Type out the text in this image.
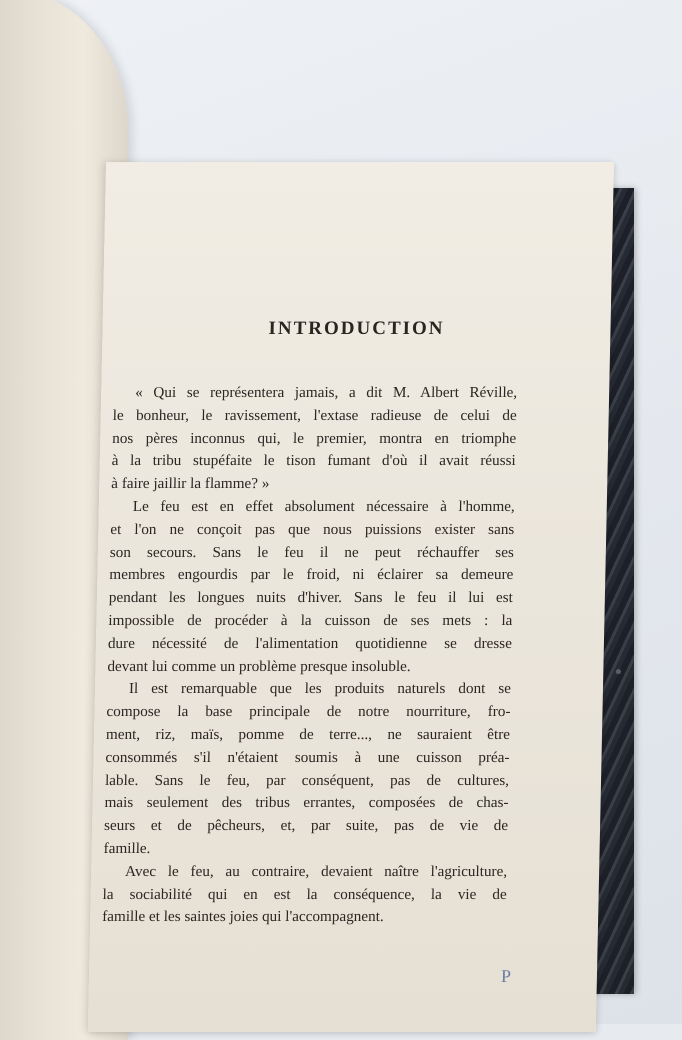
INTRODUCTION

« Qui se représentera jamais, a dit M. Albert Réville,
le bonheur, le ravissement, l'extase radieuse de celui de
nos pères inconnus qui, le premier, montra en triomphe
à la tribu stupéfaite le tison fumant d'où il avait réussi
à faire jaillir la flamme? »

Le feu est en effet absolument nécessaire à l'homme,
et l'on ne conçoit pas que nous puissions exister sans
son secours. Sans le feu il ne peut réchauffer ses
membres engourdis par le froid, ni éclairer sa demeure
pendant les longues nuits d'hiver. Sans le feu il lui est
impossible de procéder à la cuisson de ses mets : la
dure nécessité de l'alimentation quotidienne se dresse
devant lui comme un problème presque insoluble.

Il est remarquable que les produits naturels dont se
compose la base principale de notre nourriture, fro-
ment, riz, maïs, pomme de terre..., ne sauraient être
consommés s'il n'étaient soumis à une cuisson préa-
lable. Sans le feu, par conséquent, pas de cultures,
mais seulement des tribus errantes, composées de chas-
seurs et de pêcheurs, et, par suite, pas de vie de
famille.

Avec le feu, au contraire, devaient naître l'agriculture,
la sociabilité qui en est la conséquence, la vie de
famille et les saintes joies qui l'accompagnent.

P
